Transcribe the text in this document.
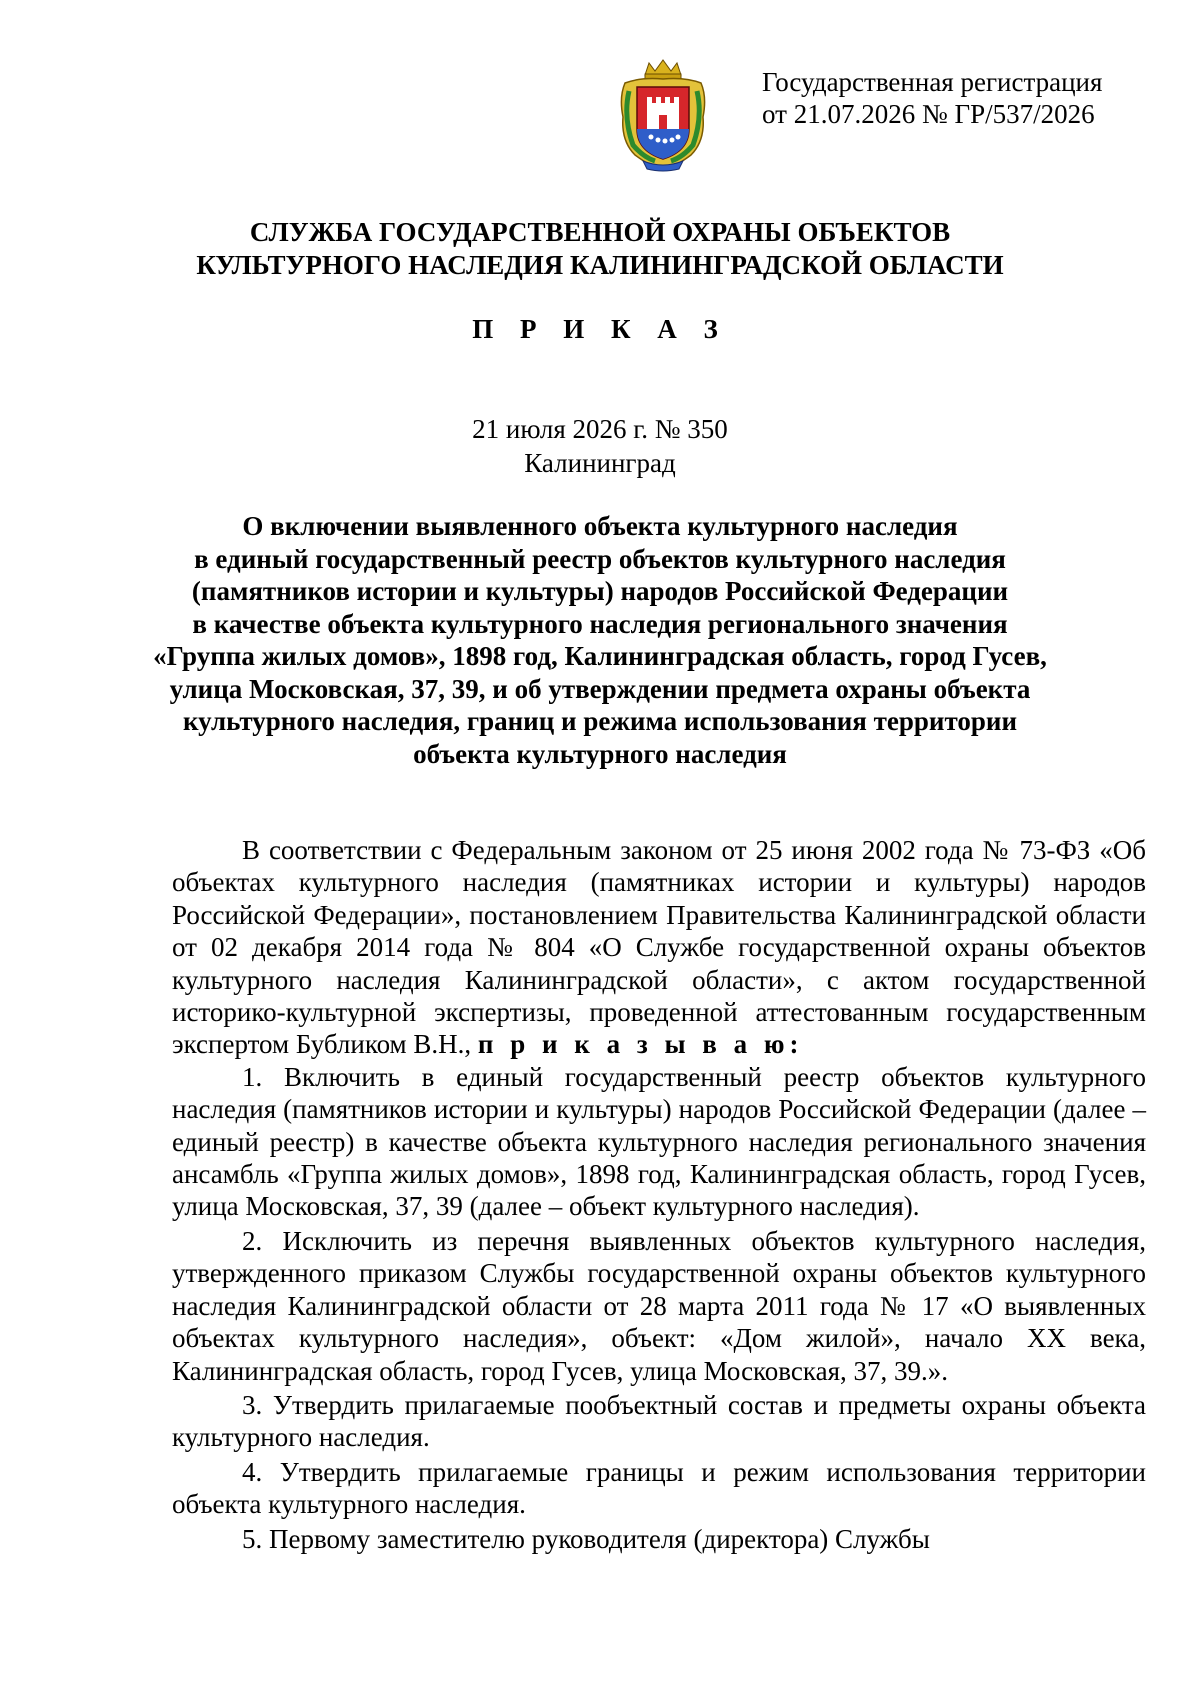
Государственная регистрация
от 21.07.2026 № ГР/537/2026
СЛУЖБА ГОСУДАРСТВЕННОЙ ОХРАНЫ ОБЪЕКТОВ
КУЛЬТУРНОГО НАСЛЕДИЯ КАЛИНИНГРАДСКОЙ ОБЛАСТИ
П Р И К А З
21 июля 2026 г. № 350
Калининград
О включении выявленного объекта культурного наследия
в единый государственный реестр объектов культурного наследия
(памятников истории и культуры) народов Российской Федерации
в качестве объекта культурного наследия регионального значения
«Группа жилых домов», 1898 год, Калининградская область, город Гусев,
улица Московская, 37, 39, и об утверждении предмета охраны объекта
культурного наследия, границ и режима использования территории
объекта культурного наследия

В соответствии с Федеральным законом от 25 июня 2002 года № 73-ФЗ «Об объектах культурного наследия (памятниках истории и культуры) народов Российской Федерации», постановлением Правительства Калининградской области от 02 декабря 2014 года № 804 «О Службе государственной охраны объектов культурного наследия Калининградской области», с актом государственной историко-культурной экспертизы, проведенной аттестованным государственным экспертом Бубликом В.Н., п р и к а з ы в а ю:

1. Включить в единый государственный реестр объектов культурного наследия (памятников истории и культуры) народов Российской Федерации (далее – единый реестр) в качестве объекта культурного наследия регионального значения ансамбль «Группа жилых домов», 1898 год, Калининградская область, город Гусев, улица Московская, 37, 39 (далее – объект культурного наследия).

2. Исключить из перечня выявленных объектов культурного наследия, утвержденного приказом Службы государственной охраны объектов культурного наследия Калининградской области от 28 марта 2011 года № 17 «О выявленных объектах культурного наследия», объект: «Дом жилой», начало XX века, Калининградская область, город Гусев, улица Московская, 37, 39.».

3. Утвердить прилагаемые пообъектный состав и предметы охраны объекта культурного наследия.

4. Утвердить прилагаемые границы и режим использования территории объекта культурного наследия.

5. Первому заместителю руководителя (директора) Службы
